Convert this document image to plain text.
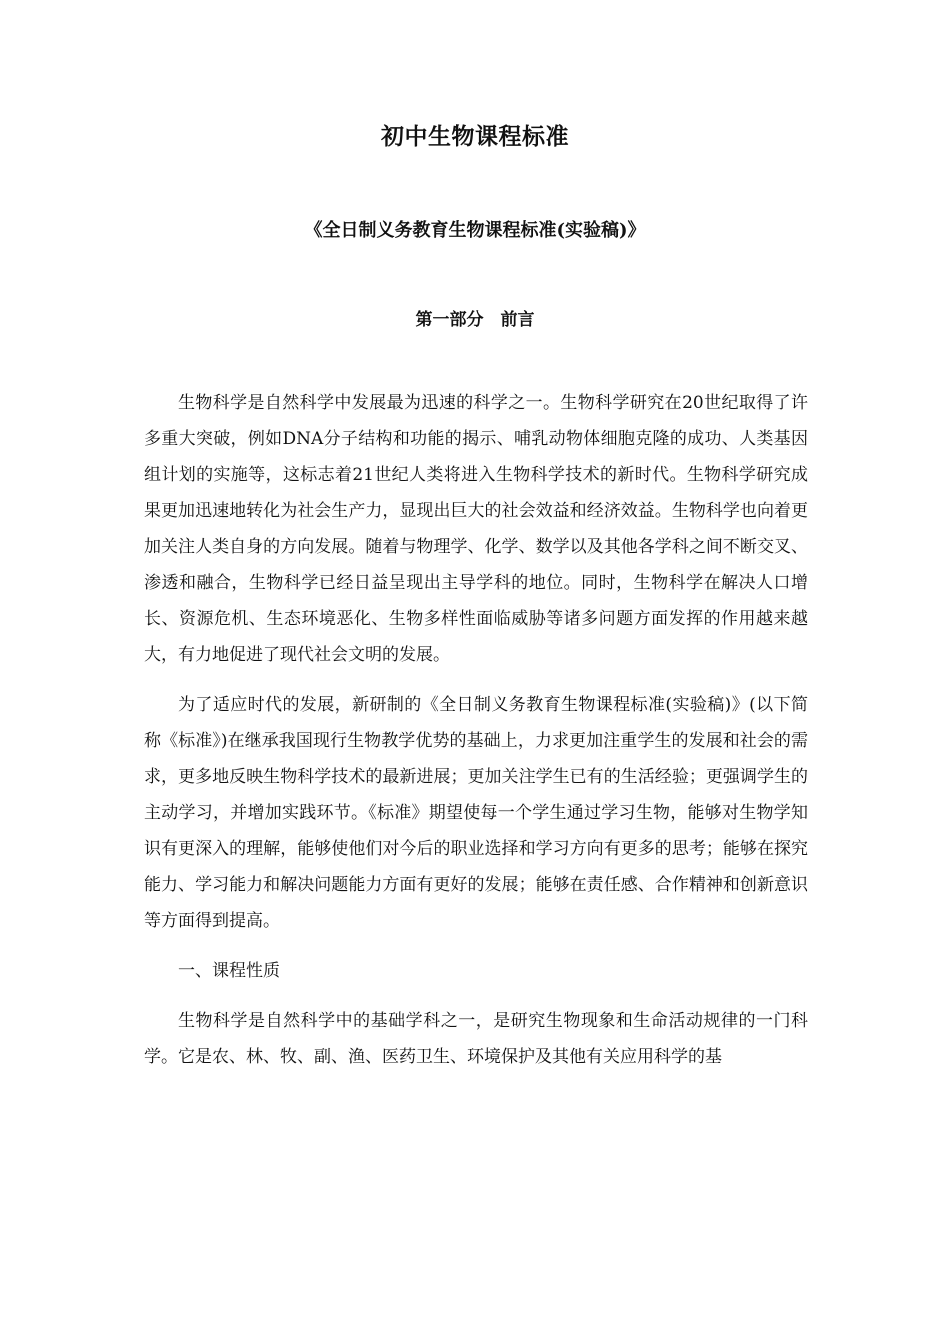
初中生物课程标准
《全日制义务教育生物课程标准(实验稿)》
第一部分　前言

生物科学是自然科学中发展最为迅速的科学之一。生物科学研究在20世纪取得了许多重大突破，例如DNA分子结构和功能的揭示、哺乳动物体细胞克隆的成功、人类基因组计划的实施等，这标志着21世纪人类将进入生物科学技术的新时代。生物科学研究成果更加迅速地转化为社会生产力，显现出巨大的社会效益和经济效益。生物科学也向着更加关注人类自身的方向发展。随着与物理学、化学、数学以及其他各学科之间不断交叉、渗透和融合，生物科学已经日益呈现出主导学科的地位。同时，生物科学在解决人口增长、资源危机、生态环境恶化、生物多样性面临威胁等诸多问题方面发挥的作用越来越大，有力地促进了现代社会文明的发展。

为了适应时代的发展，新研制的《全日制义务教育生物课程标准(实验稿)》(以下简称《标准》)在继承我国现行生物教学优势的基础上，力求更加注重学生的发展和社会的需求，更多地反映生物科学技术的最新进展；更加关注学生已有的生活经验；更强调学生的主动学习，并增加实践环节。《标准》期望使每一个学生通过学习生物，能够对生物学知识有更深入的理解，能够使他们对今后的职业选择和学习方向有更多的思考；能够在探究能力、学习能力和解决问题能力方面有更好的发展；能够在责任感、合作精神和创新意识等方面得到提高。

一、课程性质

生物科学是自然科学中的基础学科之一，是研究生物现象和生命活动规律的一门科学。它是农、林、牧、副、渔、医药卫生、环境保护及其他有关应用科学的基
